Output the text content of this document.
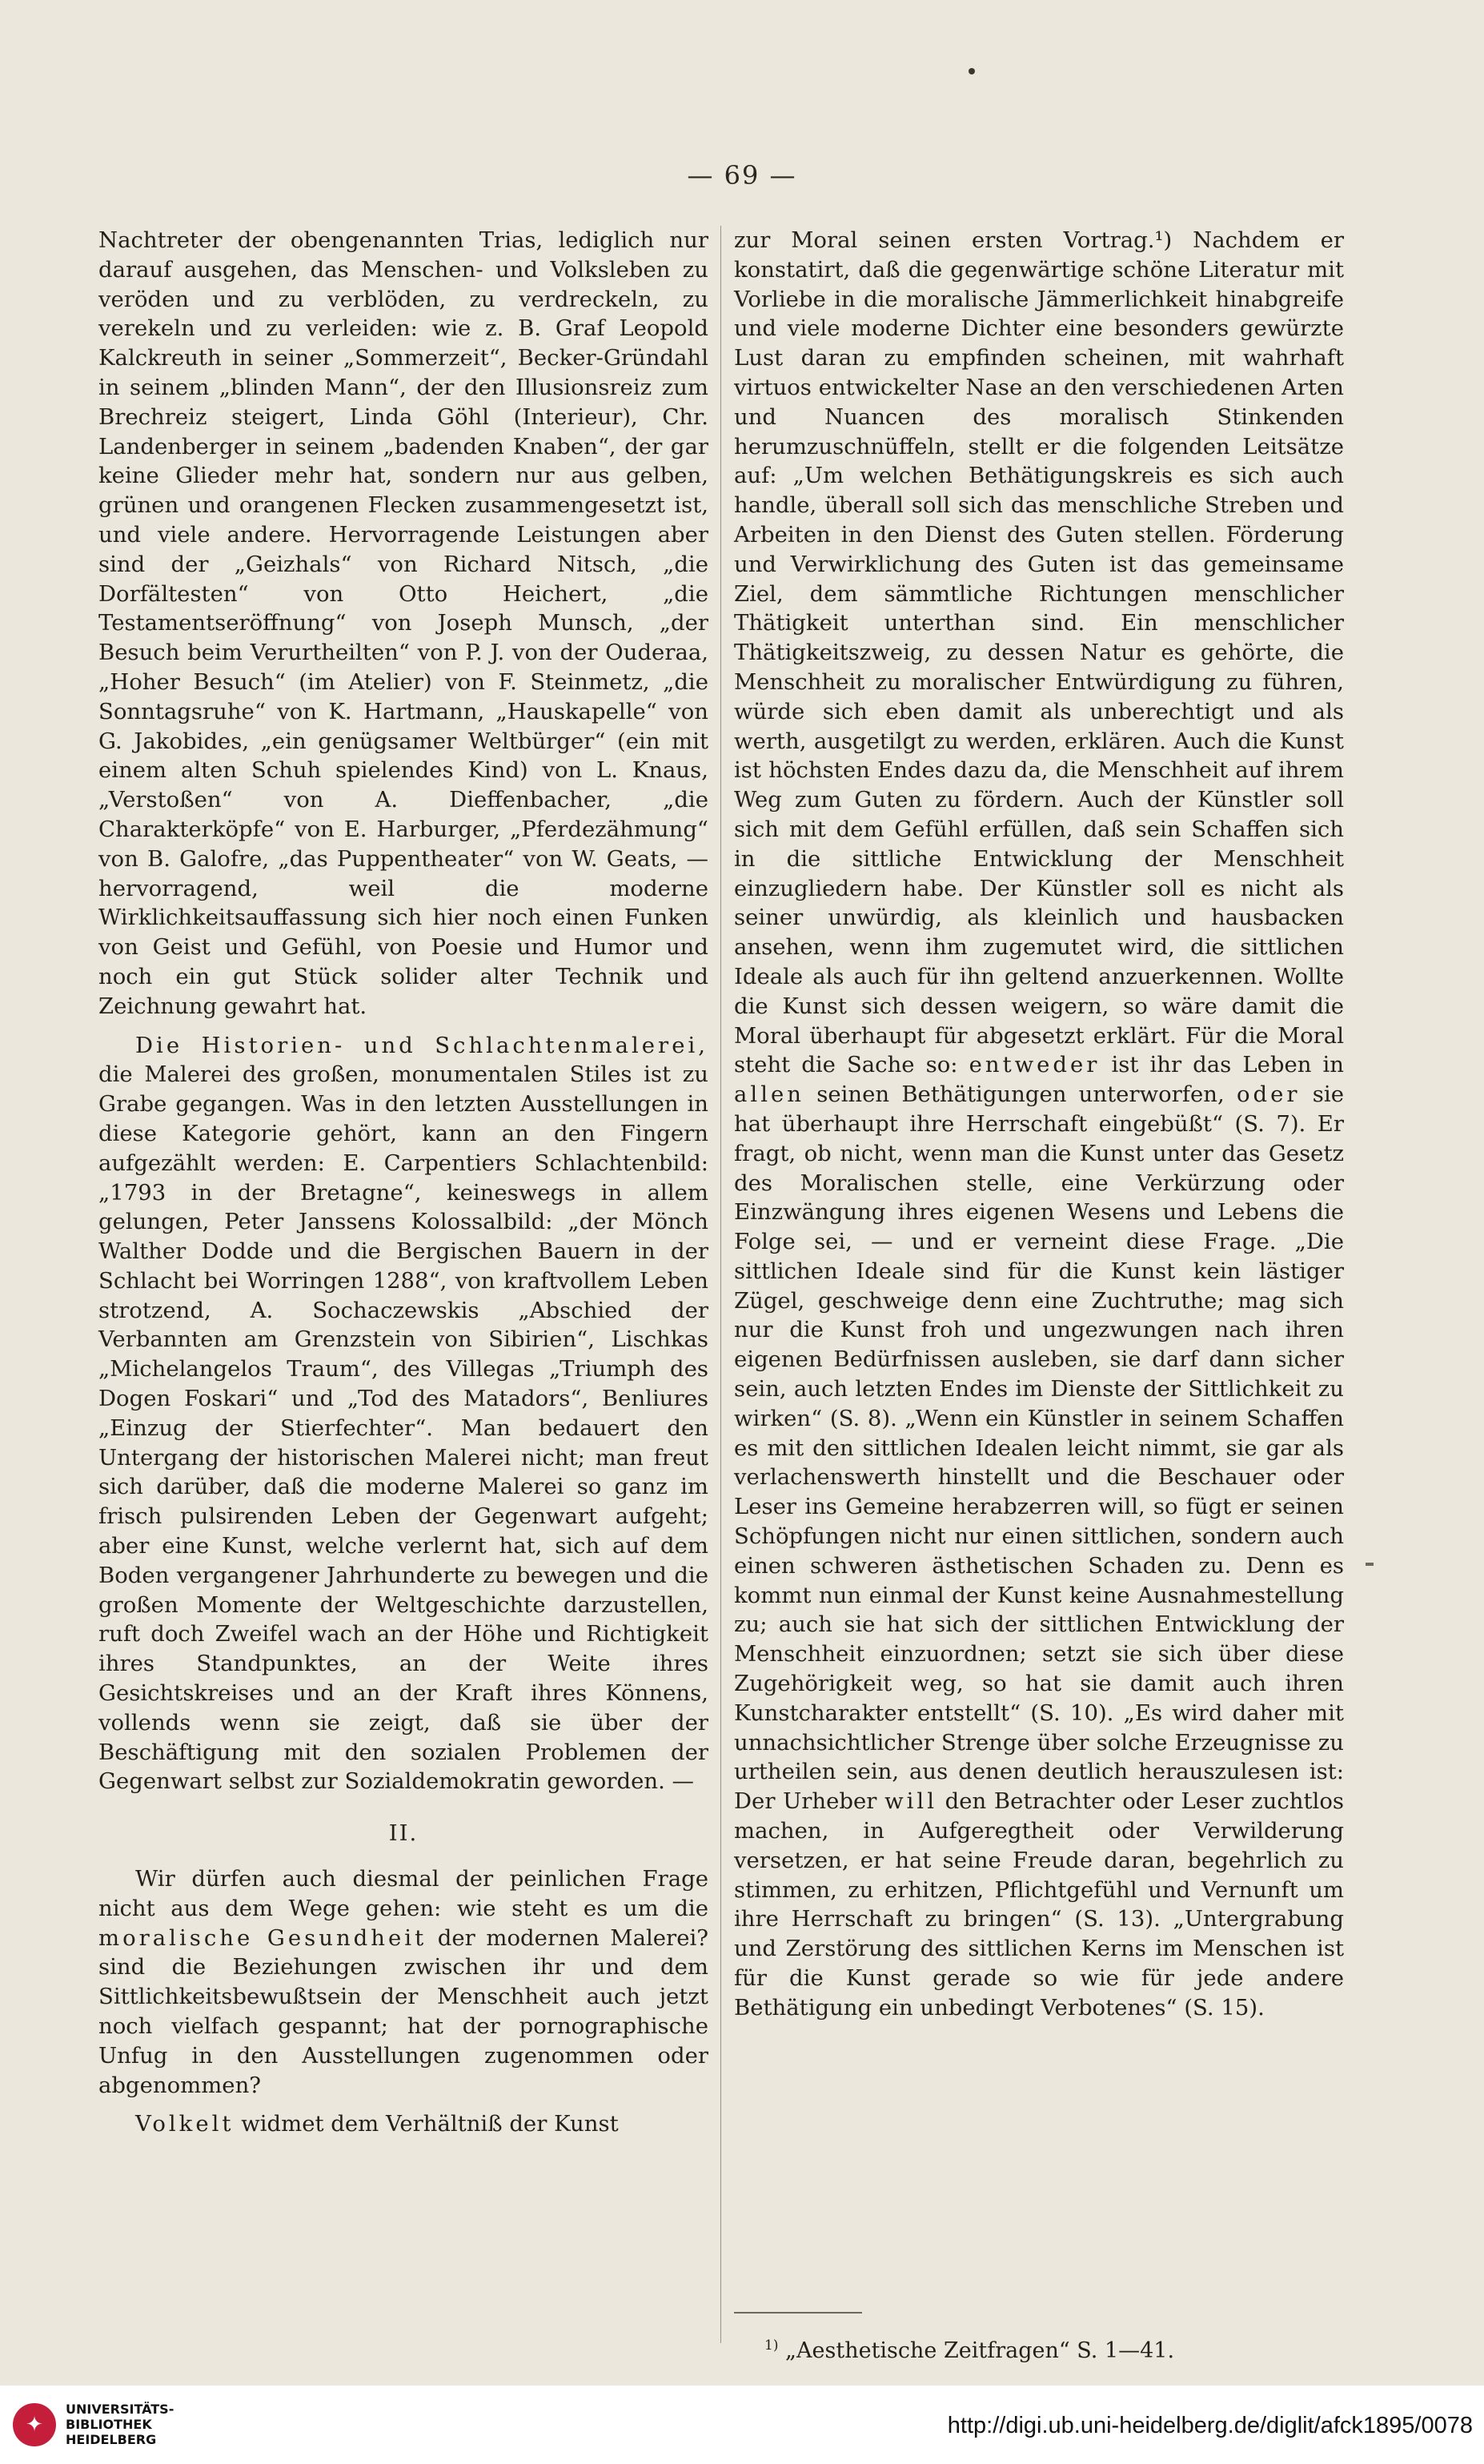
— 69 —

Nachtreter der obengenannten Trias, lediglich nur darauf ausgehen, das Menschen- und Volksleben zu veröden und zu verblöden, zu verdreckeln, zu verekeln und zu verleiden: wie z. B. Graf Leopold Kalckreuth in seiner „Sommerzeit“, Becker-Gründahl in seinem „blinden Mann“, der den Illusionsreiz zum Brechreiz steigert, Linda Göhl (Interieur), Chr. Landenberger in seinem „badenden Knaben“, der gar keine Glieder mehr hat, sondern nur aus gelben, grünen und orangenen Flecken zusammengesetzt ist, und viele andere. Hervorragende Leistungen aber sind der „Geizhals“ von Richard Nitsch, „die Dorfältesten“ von Otto Heichert, „die Testamentseröffnung“ von Joseph Munsch, „der Besuch beim Verurtheilten“ von P. J. von der Ouderaa, „Hoher Besuch“ (im Atelier) von F. Steinmetz, „die Sonntagsruhe“ von K. Hartmann, „Hauskapelle“ von G. Jakobides, „ein genügsamer Weltbürger“ (ein mit einem alten Schuh spielendes Kind) von L. Knaus, „Verstoßen“ von A. Dieffenbacher, „die Charakterköpfe“ von E. Harburger, „Pferdezähmung“ von B. Galofre, „das Puppentheater“ von W. Geats, — hervorragend, weil die moderne Wirklichkeitsauffassung sich hier noch einen Funken von Geist und Gefühl, von Poesie und Humor und noch ein gut Stück solider alter Technik und Zeichnung gewahrt hat.

Die Historien- und Schlachtenmalerei, die Malerei des großen, monumentalen Stiles ist zu Grabe gegangen. Was in den letzten Ausstellungen in diese Kategorie gehört, kann an den Fingern aufgezählt werden: E. Carpentiers Schlachtenbild: „1793 in der Bretagne“, keineswegs in allem gelungen, Peter Janssens Kolossalbild: „der Mönch Walther Dodde und die Bergischen Bauern in der Schlacht bei Worringen 1288“, von kraftvollem Leben strotzend, A. Sochaczewskis „Abschied der Verbannten am Grenzstein von Sibirien“, Lischkas „Michelangelos Traum“, des Villegas „Triumph des Dogen Foskari“ und „Tod des Matadors“, Benliures „Einzug der Stierfechter“. Man bedauert den Untergang der historischen Malerei nicht; man freut sich darüber, daß die moderne Malerei so ganz im frisch pulsirenden Leben der Gegenwart aufgeht; aber eine Kunst, welche verlernt hat, sich auf dem Boden vergangener Jahrhunderte zu bewegen und die großen Momente der Weltgeschichte darzustellen, ruft doch Zweifel wach an der Höhe und Richtigkeit ihres Standpunktes, an der Weite ihres Gesichtskreises und an der Kraft ihres Könnens, vollends wenn sie zeigt, daß sie über der Beschäftigung mit den sozialen Problemen der Gegenwart selbst zur Sozialdemokratin geworden. —

II.

Wir dürfen auch diesmal der peinlichen Frage nicht aus dem Wege gehen: wie steht es um die moralische Gesundheit der modernen Malerei? sind die Beziehungen zwischen ihr und dem Sittlichkeitsbewußtsein der Menschheit auch jetzt noch vielfach gespannt; hat der pornographische Unfug in den Ausstellungen zugenommen oder abgenommen?

Volkelt widmet dem Verhältniß der Kunst

zur Moral seinen ersten Vortrag.¹) Nachdem er konstatirt, daß die gegenwärtige schöne Literatur mit Vorliebe in die moralische Jämmerlichkeit hinabgreife und viele moderne Dichter eine besonders gewürzte Lust daran zu empfinden scheinen, mit wahrhaft virtuos entwickelter Nase an den verschiedenen Arten und Nuancen des moralisch Stinkenden herumzuschnüffeln, stellt er die folgenden Leitsätze auf: „Um welchen Bethätigungskreis es sich auch handle, überall soll sich das menschliche Streben und Arbeiten in den Dienst des Guten stellen. Förderung und Verwirklichung des Guten ist das gemeinsame Ziel, dem sämmtliche Richtungen menschlicher Thätigkeit unterthan sind. Ein menschlicher Thätigkeitszweig, zu dessen Natur es gehörte, die Menschheit zu moralischer Entwürdigung zu führen, würde sich eben damit als unberechtigt und als werth, ausgetilgt zu werden, erklären. Auch die Kunst ist höchsten Endes dazu da, die Menschheit auf ihrem Weg zum Guten zu fördern. Auch der Künstler soll sich mit dem Gefühl erfüllen, daß sein Schaffen sich in die sittliche Entwicklung der Menschheit einzugliedern habe. Der Künstler soll es nicht als seiner unwürdig, als kleinlich und hausbacken ansehen, wenn ihm zugemutet wird, die sittlichen Ideale als auch für ihn geltend anzuerkennen. Wollte die Kunst sich dessen weigern, so wäre damit die Moral überhaupt für abgesetzt erklärt. Für die Moral steht die Sache so: entweder ist ihr das Leben in allen seinen Bethätigungen unterworfen, oder sie hat überhaupt ihre Herrschaft eingebüßt“ (S. 7). Er fragt, ob nicht, wenn man die Kunst unter das Gesetz des Moralischen stelle, eine Verkürzung oder Einzwängung ihres eigenen Wesens und Lebens die Folge sei, — und er verneint diese Frage. „Die sittlichen Ideale sind für die Kunst kein lästiger Zügel, geschweige denn eine Zuchtruthe; mag sich nur die Kunst froh und ungezwungen nach ihren eigenen Bedürfnissen ausleben, sie darf dann sicher sein, auch letzten Endes im Dienste der Sittlichkeit zu wirken“ (S. 8). „Wenn ein Künstler in seinem Schaffen es mit den sittlichen Idealen leicht nimmt, sie gar als verlachenswerth hinstellt und die Beschauer oder Leser ins Gemeine herabzerren will, so fügt er seinen Schöpfungen nicht nur einen sittlichen, sondern auch einen schweren ästhetischen Schaden zu. Denn es kommt nun einmal der Kunst keine Ausnahmestellung zu; auch sie hat sich der sittlichen Entwicklung der Menschheit einzuordnen; setzt sie sich über diese Zugehörigkeit weg, so hat sie damit auch ihren Kunstcharakter entstellt“ (S. 10). „Es wird daher mit unnachsichtlicher Strenge über solche Erzeugnisse zu urtheilen sein, aus denen deutlich herauszulesen ist: Der Urheber will den Betrachter oder Leser zuchtlos machen, in Aufgeregtheit oder Verwilderung versetzen, er hat seine Freude daran, begehrlich zu stimmen, zu erhitzen, Pflichtgefühl und Vernunft um ihre Herrschaft zu bringen“ (S. 13). „Untergrabung und Zerstörung des sittlichen Kerns im Menschen ist für die Kunst gerade so wie für jede andere Bethätigung ein unbedingt Verbotenes“ (S. 15).

$^{1)}$ „Aesthetische Zeitfragen“ S. 1—41.
✦
UNIVERSITÄTS-
BIBLIOTHEK
HEIDELBERG
http://digi.ub.uni-heidelberg.de/diglit/afck1895/0078
